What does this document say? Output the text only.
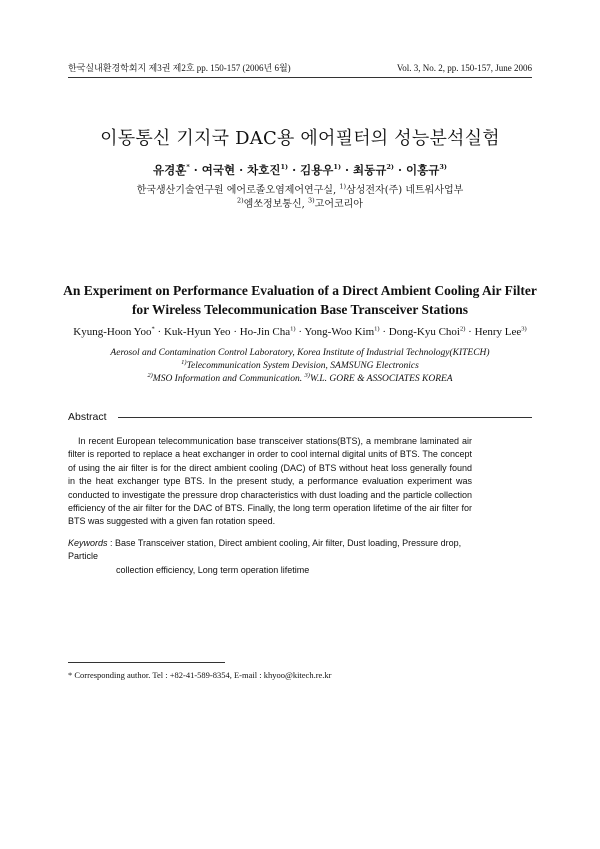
한국실내환경학회지 제3권 제2호 pp. 150-157 (2006년 6월)	Vol. 3, No. 2, pp. 150-157, June 2006
이동통신 기지국 DAC용 에어필터의 성능분석실험
유경훈* · 여국현 · 차호진$^{1)}$ · 김용우$^{1)}$ · 최동규$^{2)}$ · 이홍규$^{3)}$
한국생산기술연구원 에어로졸오염제어연구실, $^{1)}$삼성전자(주) 네트워사업부
$^{2)}$엠쏘정보통신, $^{3)}$고어코리아
An Experiment on Performance Evaluation of a Direct Ambient Cooling Air Filter
for Wireless Telecommunication Base Transceiver Stations
Kyung-Hoon Yoo* · Kuk-Hyun Yeo · Ho-Jin Cha$^{1)}$ · Yong-Woo Kim$^{1)}$ · Dong-Kyu Choi$^{2)}$ · Henry Lee$^{3)}$
Aerosol and Contamination Control Laboratory, Korea Institute of Industrial Technology(KITECH)
$^{1)}$Telecommunication System Devision, SAMSUNG Electronics
$^{2)}$MSO Information and Communication. $^{3)}$W.L. GORE & ASSOCIATES KOREA
Abstract

In recent European telecommunication base transceiver stations(BTS), a membrane laminated air filter is reported to replace a heat exchanger in order to cool internal digital units of BTS. The concept of using the air filter is for the direct ambient cooling (DAC) of BTS without heat loss generally found in the heat exchanger type BTS. In the present study, a performance evaluation experiment was conducted to investigate the pressure drop characteristics with dust loading and the particle collection efficiency of the air filter for the DAC of BTS. Finally, the long term operation lifetime of the air filter for BTS was suggested with a given fan rotation speed.

Keywords : Base Transceiver station, Direct ambient cooling, Air filter, Dust loading, Pressure drop, Particle
collection efficiency, Long term operation lifetime
* Corresponding author. Tel : +82-41-589-8354, E-mail : khyoo@kitech.re.kr
